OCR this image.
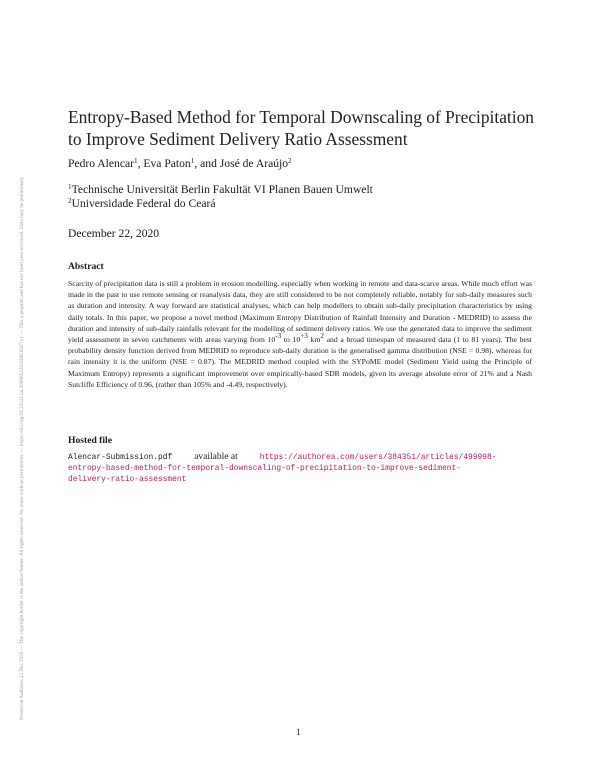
Posted on Authorea 22 Dec 2020 — The copyright holder is the author/funder. All rights reserved. No reuse without permission. — https://doi.org/10.22541/au.160865428.83903847/v1 — This a preprint and has not been peer reviewed. Data may be preliminary.
Entropy-Based Method for Temporal Downscaling of Precipitation to Improve Sediment Delivery Ratio Assessment
Pedro Alencar$^1$, Eva Paton$^1$, and José de Araújo$^2$
$^1$Technische Universität Berlin Fakultät VI Planen Bauen Umwelt
$^2$Universidade Federal do Ceará
December 22, 2020
Abstract
Scarcity of precipitation data is still a problem in erosion modelling, especially when working in remote and data-scarce areas. While much effort was made in the past to use remote sensing or reanalysis data, they are still considered to be not completely reliable, notably for sub-daily measures such as duration and intensity. A way forward are statistical analyses, which can help modellers to obtain sub-daily precipitation characteristics by using daily totals. In this paper, we propose a novel method (Maximum Entropy Distribution of Rainfall Intensity and Duration - MEDRID) to assess the duration and intensity of sub-daily rainfalls relevant for the modelling of sediment delivery ratios. We use the generated data to improve the sediment yield assessment in seven catchments with areas varying from $10^{-3}$ to $10^{+3}$ $km^2$ and a broad timespan of measured data (1 to 81 years). The best probability density function derived from MEDRID to reproduce sub-daily duration is the generalised gamma distribution (NSE = 0.98), whereas for rain intensity it is the uniform (NSE = 0.87). The MEDRID method coupled with the SYPoME model (Sediment Yield using the Principle of Maximum Entropy) represents a significant improvement over empirically-based SDR models, given its average absolute error of 21% and a Nash Sutcliffe Efficiency of 0.96, (rather than 105% and -4.49, respectively).
Hosted file
Alencar-Submission.pdf available at	https://authorea.com/users/384351/articles/499998-
entropy-based-method-for-temporal-downscaling-of-precipitation-to-improve-sediment-
delivery-ratio-assessment
1
